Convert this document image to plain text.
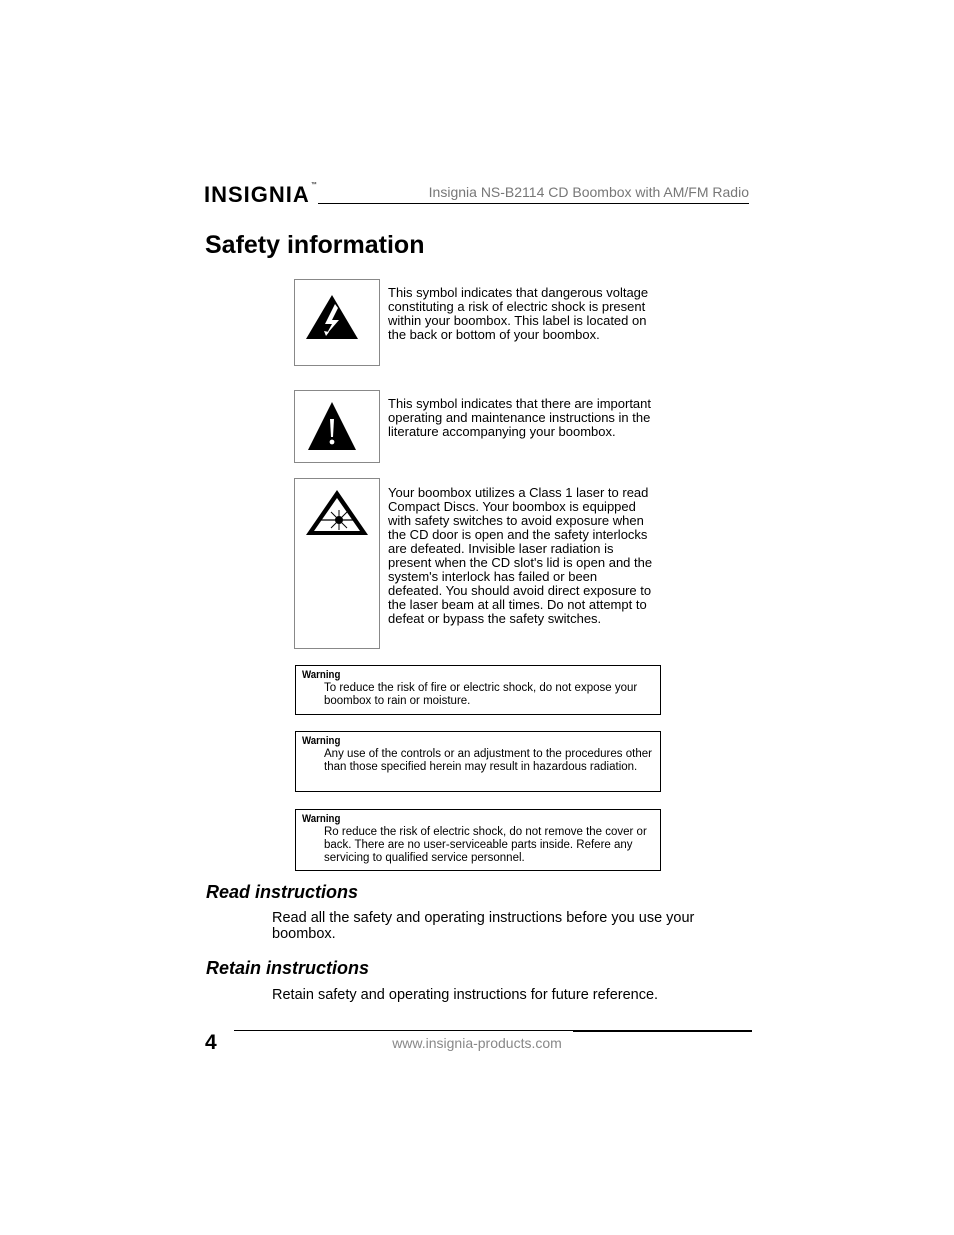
INSIGNIA™	Insignia NS-B2114 CD Boombox with AM/FM Radio
Safety information
This symbol indicates that dangerous voltage constituting a risk of electric shock is present within your boombox. This label is located on the back or bottom of your boombox.
This symbol indicates that there are important operating and maintenance instructions in the literature accompanying your boombox.
Your boombox utilizes a Class 1 laser to read Compact Discs. Your boombox is equipped with safety switches to avoid exposure when the CD door is open and the safety interlocks are defeated. Invisible laser radiation is present when the CD slot's lid is open and the system's interlock has failed or been defeated. You should avoid direct exposure to the laser beam at all times. Do not attempt to defeat or bypass the safety switches.
Warning
To reduce the risk of fire or electric shock, do not expose your boombox to rain or moisture.
Warning
Any use of the controls or an adjustment to the procedures other than those specified herein may result in hazardous radiation.
Warning
Ro reduce the risk of electric shock, do not remove the cover or back. There are no user-serviceable parts inside. Refere any servicing to qualified service personnel.
Read instructions
Read all the safety and operating instructions before you use your boombox.
Retain instructions
Retain safety and operating instructions for future reference.
4	www.insignia-products.com
